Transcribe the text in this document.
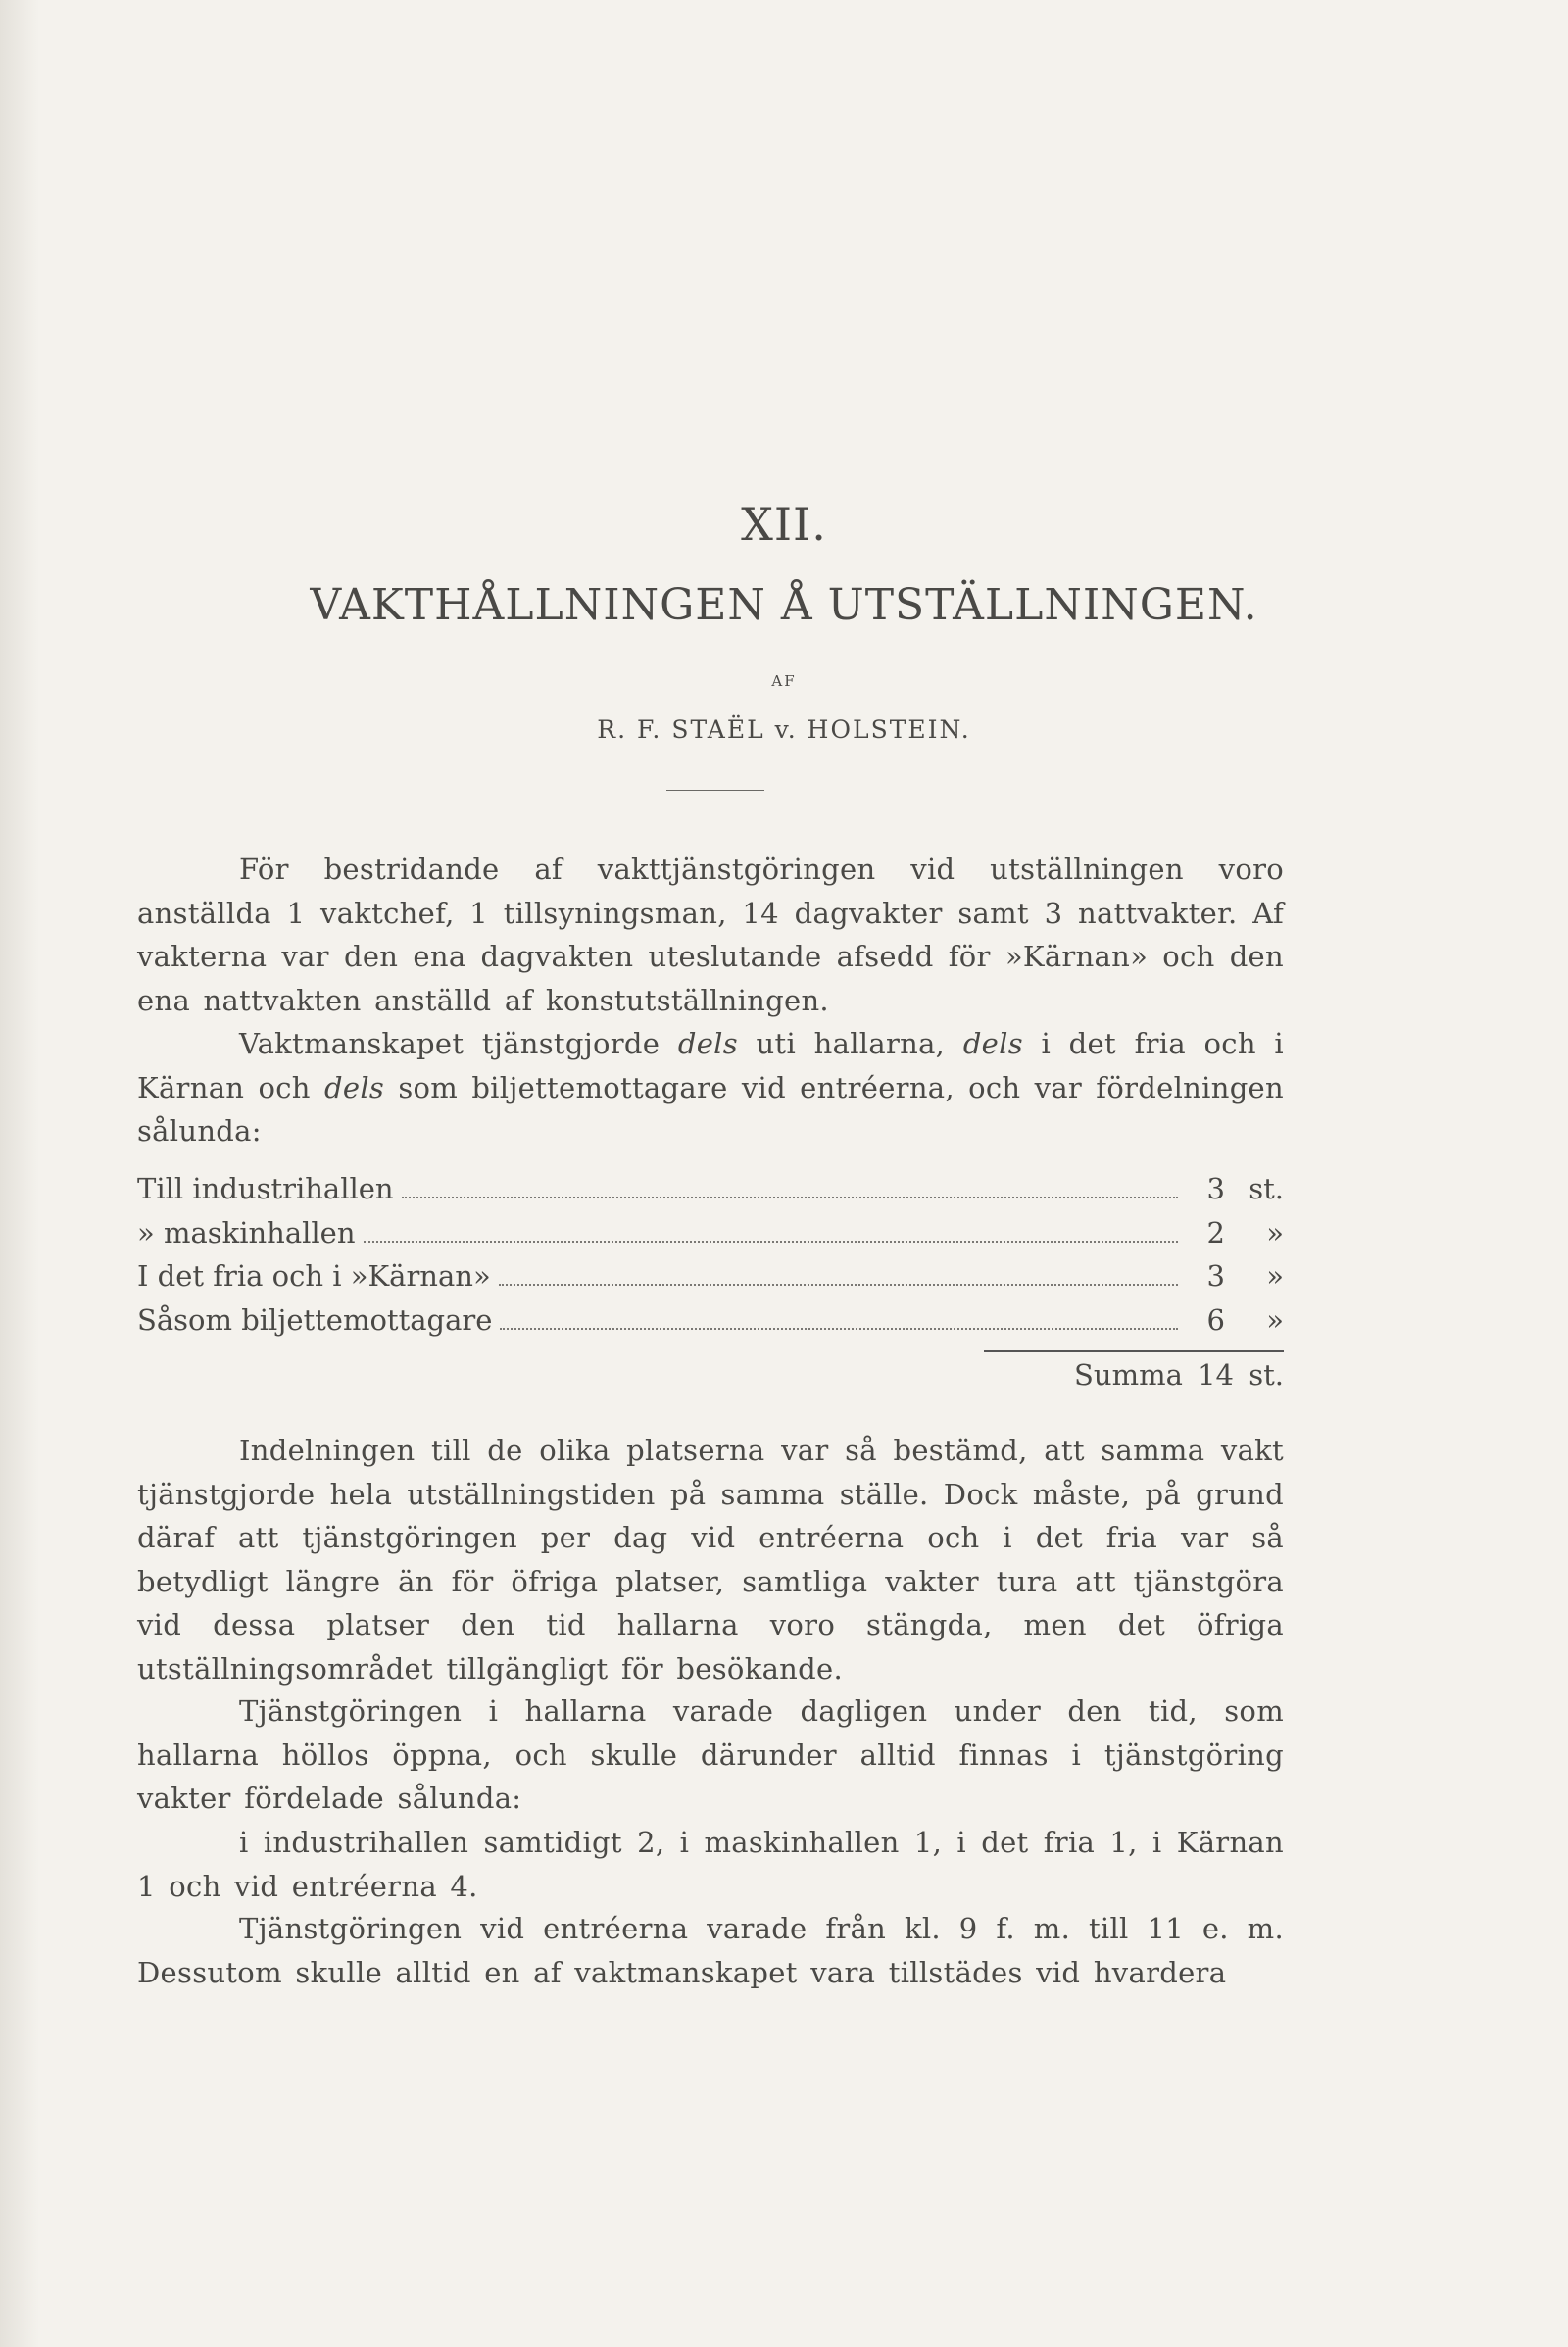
XII.
VAKTHÅLLNINGEN Å UTSTÄLLNINGEN.
AF
R. F. STAËL v. HOLSTEIN.

För bestridande af vakttjänstgöringen vid utställningen voro anställda 1 vaktchef, 1 tillsyningsman, 14 dagvakter samt 3 nattvakter. Af vakterna var den ena dagvakten uteslutande afsedd för »Kärnan» och den ena nattvakten anställd af konstutställningen.

Vaktmanskapet tjänstgjorde dels uti hallarna, dels i det fria och i Kärnan och dels som biljettemottagare vid entréerna, och var fördelningen sålunda:

Till industrihallen	3 st.
» maskinhallen	2	»
I det fria och i »Kärnan»	3	»
Såsom biljettemottagare	6	»
Summa 14 st.

Indelningen till de olika platserna var så bestämd, att samma vakt tjänstgjorde hela utställningstiden på samma ställe. Dock måste, på grund däraf att tjänstgöringen per dag vid entréerna och i det fria var så betydligt längre än för öfriga platser, samtliga vakter tura att tjänstgöra vid dessa platser den tid hallarna voro stängda, men det öfriga utställningsområdet tillgängligt för besökande.

Tjänstgöringen i hallarna varade dagligen under den tid, som hallarna höllos öppna, och skulle därunder alltid finnas i tjänstgöring vakter fördelade sålunda:

i industrihallen samtidigt 2, i maskinhallen 1, i det fria 1, i Kärnan 1 och vid entréerna 4.

Tjänstgöringen vid entréerna varade från kl. 9 f. m. till 11 e. m. Dessutom skulle alltid en af vaktmanskapet vara tillstädes vid hvardera
